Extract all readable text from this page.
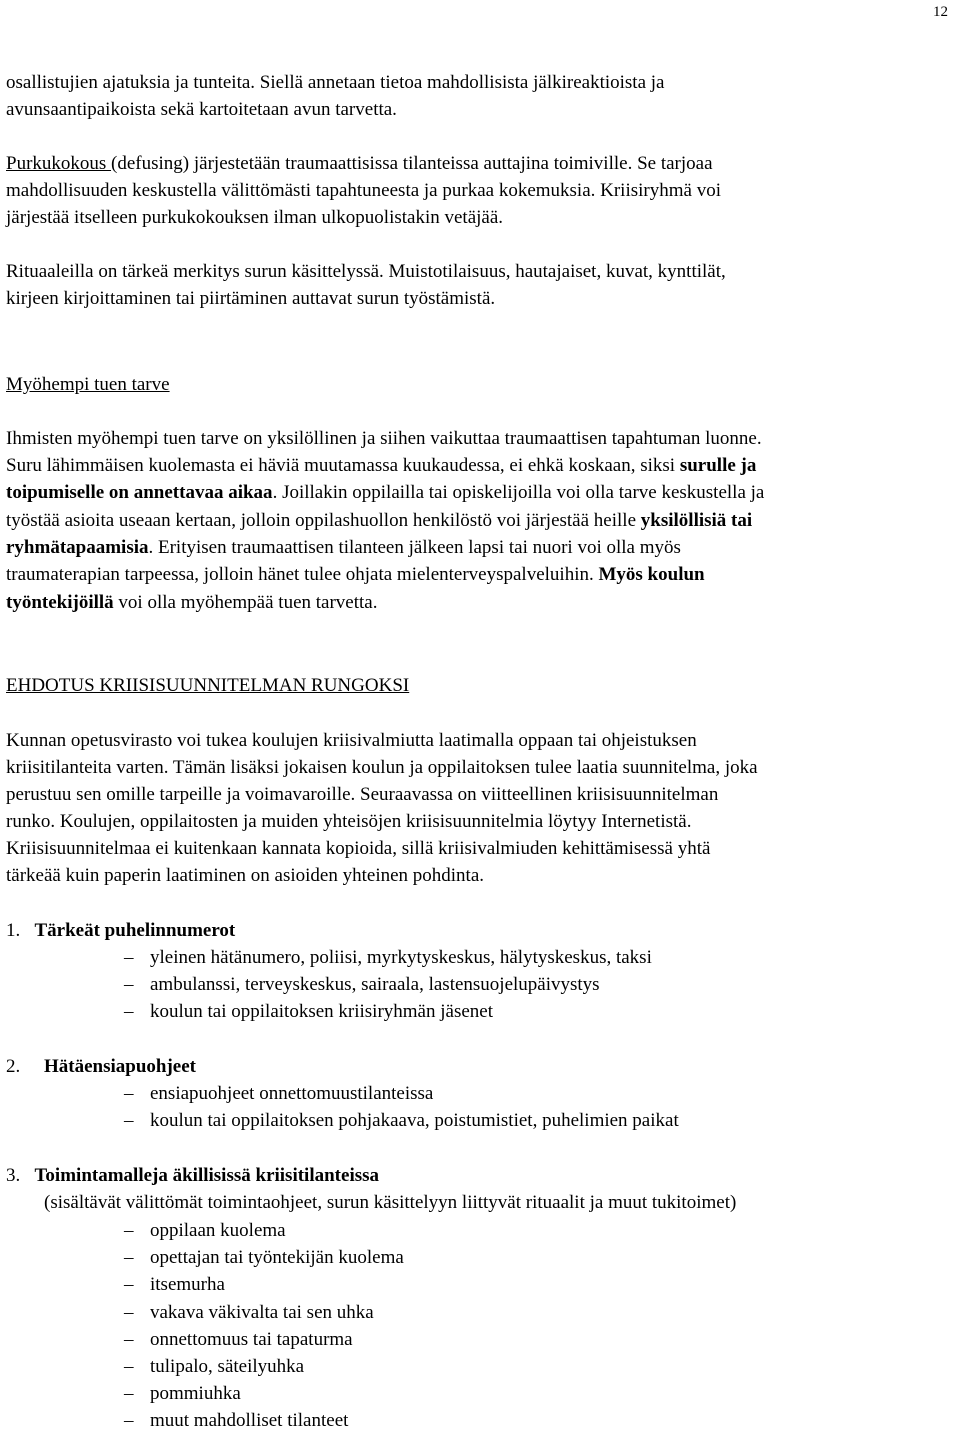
12
osallistujien ajatuksia ja tunteita. Siellä annetaan tietoa mahdollisista jälkireaktioista ja
avunsaantipaikoista sekä kartoitetaan avun tarvetta.
Purkukokous (defusing) järjestetään traumaattisissa tilanteissa auttajina toimiville. Se tarjoaa
mahdollisuuden keskustella välittömästi tapahtuneesta ja purkaa kokemuksia. Kriisiryhmä voi
järjestää itselleen purkukokouksen ilman ulkopuolistakin vetäjää.
Rituaaleilla on tärkeä merkitys surun käsittelyssä. Muistotilaisuus, hautajaiset, kuvat, kynttilät,
kirjeen kirjoittaminen tai piirtäminen auttavat surun työstämistä.
Myöhempi tuen tarve
Ihmisten myöhempi tuen tarve on yksilöllinen ja siihen vaikuttaa traumaattisen tapahtuman luonne.
Suru lähimmäisen kuolemasta ei häviä muutamassa kuukaudessa, ei ehkä koskaan, siksi surulle ja
toipumiselle on annettavaa aikaa. Joillakin oppilailla tai opiskelijoilla voi olla tarve keskustella ja
työstää asioita useaan kertaan, jolloin oppilashuollon henkilöstö voi järjestää heille yksilöllisiä tai
ryhmätapaamisia. Erityisen traumaattisen tilanteen jälkeen lapsi tai nuori voi olla myös
traumaterapian tarpeessa, jolloin hänet tulee ohjata mielenterveyspalveluihin. Myös koulun
työntekijöillä voi olla myöhempää tuen tarvetta.
EHDOTUS KRIISISUUNNITELMAN RUNGOKSI
Kunnan opetusvirasto voi tukea koulujen kriisivalmiutta laatimalla oppaan tai ohjeistuksen
kriisitilanteita varten. Tämän lisäksi jokaisen koulun ja oppilaitoksen tulee laatia suunnitelma, joka
perustuu sen omille tarpeille ja voimavaroille. Seuraavassa on viitteellinen kriisisuunnitelman
runko. Koulujen, oppilaitosten ja muiden yhteisöjen kriisisuunnitelmia löytyy Internetistä.
Kriisisuunnitelmaa ei kuitenkaan kannata kopioida, sillä kriisivalmiuden kehittämisessä yhtä
tärkeää kuin paperin laatiminen on asioiden yhteinen pohdinta.
1. Tärkeät puhelinnumerot
– yleinen hätänumero, poliisi, myrkytyskeskus, hälytyskeskus, taksi
– ambulanssi, terveyskeskus, sairaala, lastensuojelupäivystys
– koulun tai oppilaitoksen kriisiryhmän jäsenet
2. Hätäensiapuohjeet
– ensiapuohjeet onnettomuustilanteissa
– koulun tai oppilaitoksen pohjakaava, poistumistiet, puhelimien paikat
3. Toimintamalleja äkillisissä kriisitilanteissa
(sisältävät välittömät toimintaohjeet, surun käsittelyyn liittyvät rituaalit ja muut tukitoimet)
– oppilaan kuolema
– opettajan tai työntekijän kuolema
– itsemurha
– vakava väkivalta tai sen uhka
– onnettomuus tai tapaturma
– tulipalo, säteilyuhka
– pommiuhka
– muut mahdolliset tilanteet
